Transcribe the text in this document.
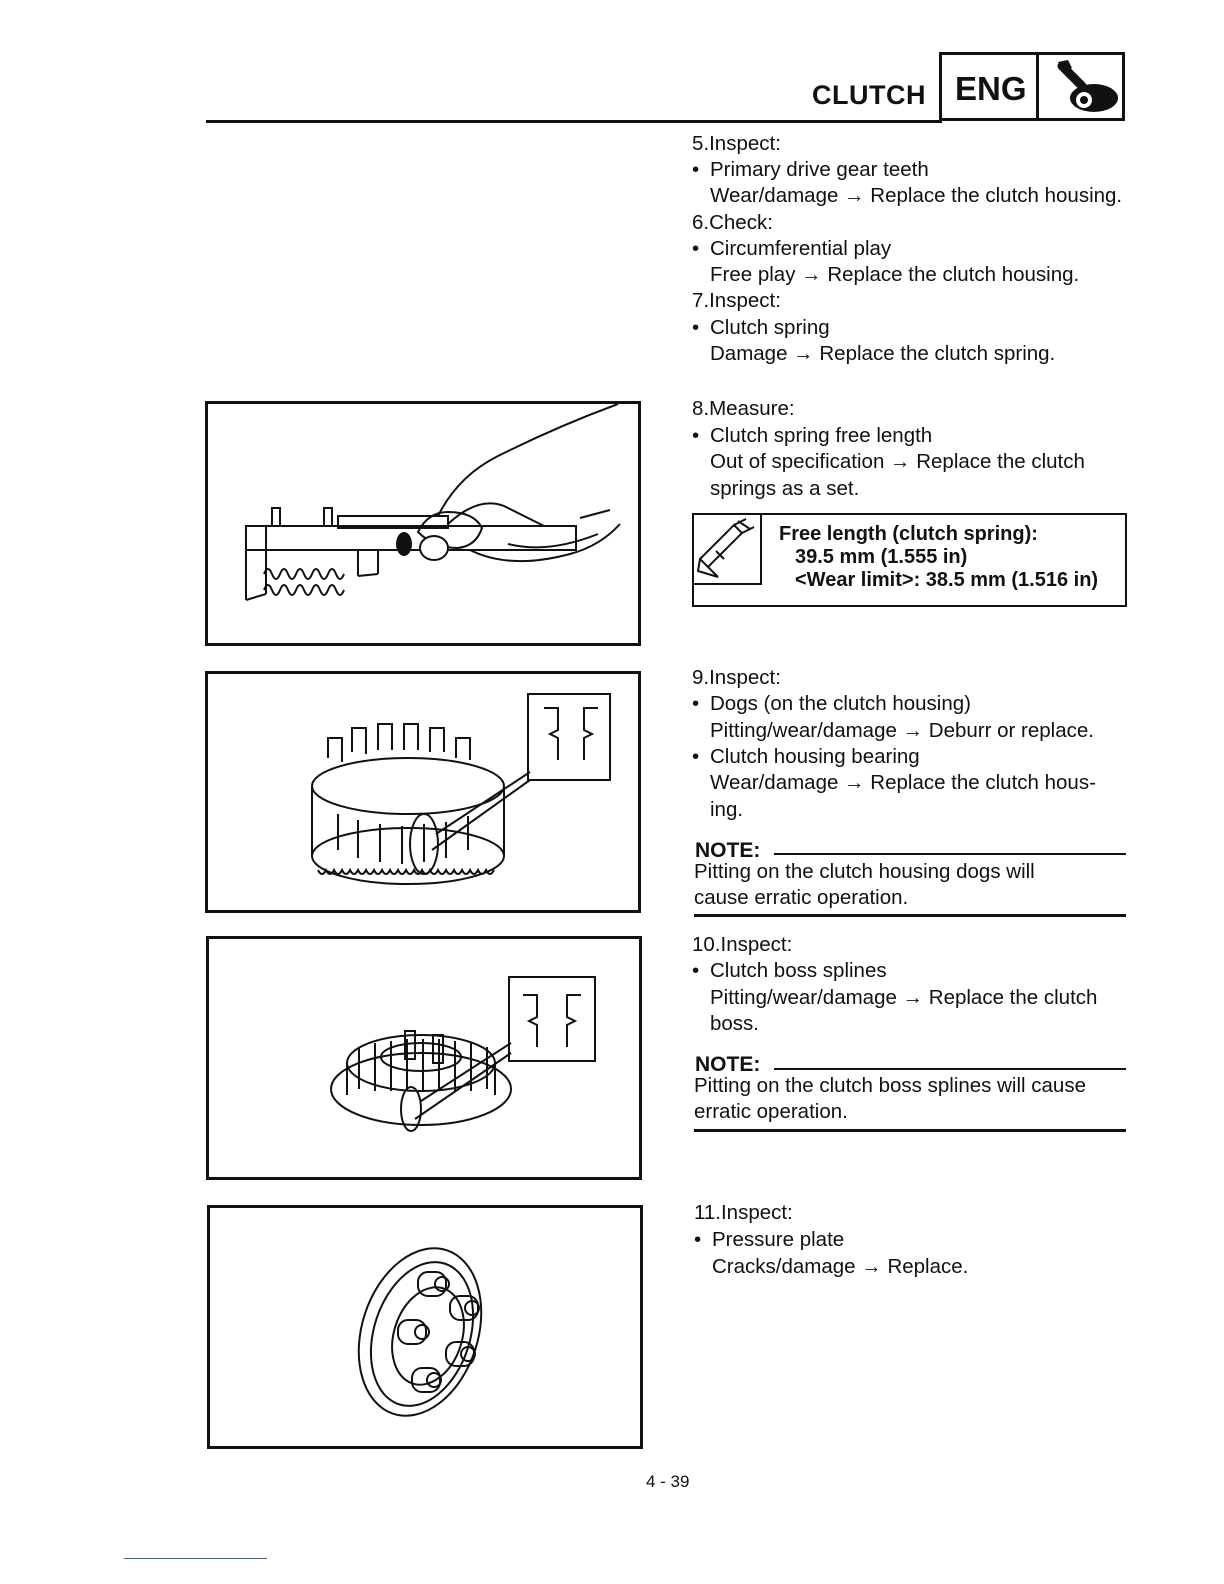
CLUTCH ENG
5.Inspect:
• Primary drive gear teeth
Wear/damage → Replace the clutch housing.
6.Check:
• Circumferential play
Free play → Replace the clutch housing.
7.Inspect:
• Clutch spring
Damage → Replace the clutch spring.
8.Measure:
• Clutch spring free length
Out of specification → Replace the clutch
springs as a set.
Free length (clutch spring):
39.5 mm (1.555 in)
<Wear limit>: 38.5 mm (1.516 in)
9.Inspect:
• Dogs (on the clutch housing)
Pitting/wear/damage → Deburr or replace.
• Clutch housing bearing
Wear/damage → Replace the clutch hous-
ing.
NOTE:
Pitting on the clutch housing dogs will
cause erratic operation.
10.Inspect:
• Clutch boss splines
Pitting/wear/damage → Replace the clutch
boss.
NOTE:
Pitting on the clutch boss splines will cause
erratic operation.
11.Inspect:
• Pressure plate
Cracks/damage → Replace.
4 - 39
